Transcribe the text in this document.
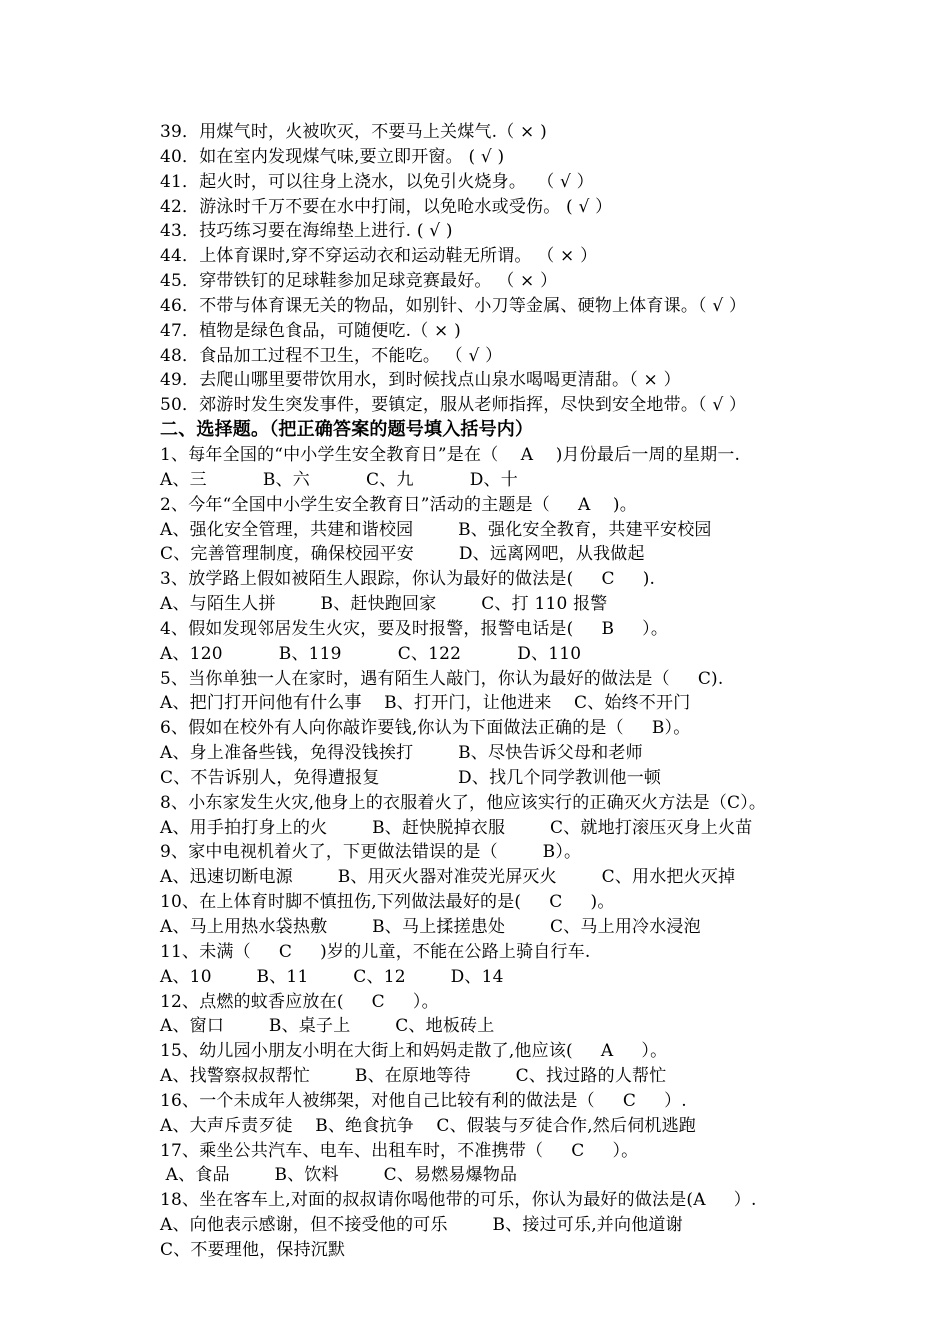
39．用煤气时，火被吹灭，不要马上关煤气.（ × )
40．如在室内发现煤气味,要立即开窗。 ( √ )
41．起火时，可以往身上浇水，以免引火烧身。  （ √ ）
42．游泳时千万不要在水中打闹，以免呛水或受伤。 ( √ ）
43．技巧练习要在海绵垫上进行. ( √ )
44．上体育课时,穿不穿运动衣和运动鞋无所谓。 （ × ）
45．穿带铁钉的足球鞋参加足球竞赛最好。 （ × ）
46．不带与体育课无关的物品，如别针、小刀等金属、硬物上体育课。（ √ ）
47．植物是绿色食品，可随便吃.（ × )
48．食品加工过程不卫生，不能吃。 （ √ ）
49．去爬山哪里要带饮用水，到时候找点山泉水喝喝更清甜。（ × ）
50．郊游时发生突发事件，要镇定，服从老师指挥，尽快到安全地带。（ √ ）
二、选择题。（把正确答案的题号填入括号内）
1、每年全国的“中小学生安全教育日”是在（    A    )月份最后一周的星期一.
A、三          B、六          C、九          D、十
2、今年“全国中小学生安全教育日”活动的主题是（     A    )。
A、强化安全管理，共建和谐校园        B、强化安全教育，共建平安校园
C、完善管理制度，确保校园平安        D、远离网吧，从我做起
3、放学路上假如被陌生人跟踪，你认为最好的做法是(     C     ).
A、与陌生人拼        B、赶快跑回家        C、打 110 报警
4、假如发现邻居发生火灾，要及时报警，报警电话是(     B     ）。
A、120          B、119          C、122          D、110
5、当你单独一人在家时，遇有陌生人敲门，你认为最好的做法是（     C).
A、把门打开问他有什么事    B、打开门，让他进来    C、始终不开门
6、假如在校外有人向你敲诈要钱,你认为下面做法正确的是（     B）。
A、身上准备些钱，免得没钱挨打        B、尽快告诉父母和老师
C、不告诉别人，免得遭报复              D、找几个同学教训他一顿
8、小东家发生火灾,他身上的衣服着火了，他应该实行的正确灭火方法是（C）。
A、用手拍打身上的火        B、赶快脱掉衣服        C、就地打滚压灭身上火苗
9、家中电视机着火了，下更做法错误的是（        B）。
A、迅速切断电源        B、用灭火器对准荧光屏灭火        C、用水把火灭掉
10、在上体育时脚不慎扭伤,下列做法最好的是(     C     )。
A、马上用热水袋热敷        B、马上揉搓患处        C、马上用冷水浸泡
11、未满（     C     )岁的儿童，不能在公路上骑自行车.
A、10        B、11        C、12        D、14
12、点燃的蚊香应放在(     C     ）。
A、窗口        B、桌子上        C、地板砖上
15、幼儿园小朋友小明在大街上和妈妈走散了,他应该(     A     ）。
A、找警察叔叔帮忙        B、在原地等待        C、找过路的人帮忙
16、一个未成年人被绑架，对他自己比较有利的做法是（     C     ）.
A、大声斥责歹徒    B、绝食抗争    C、假装与歹徒合作,然后伺机逃跑
17、乘坐公共汽车、电车、出租车时，不准携带（     C     ）。
A、食品        B、饮料        C、易燃易爆物品
18、坐在客车上,对面的叔叔请你喝他带的可乐，你认为最好的做法是(A     ）.
A、向他表示感谢，但不接受他的可乐        B、接过可乐,并向他道谢
C、不要理他，保持沉默
